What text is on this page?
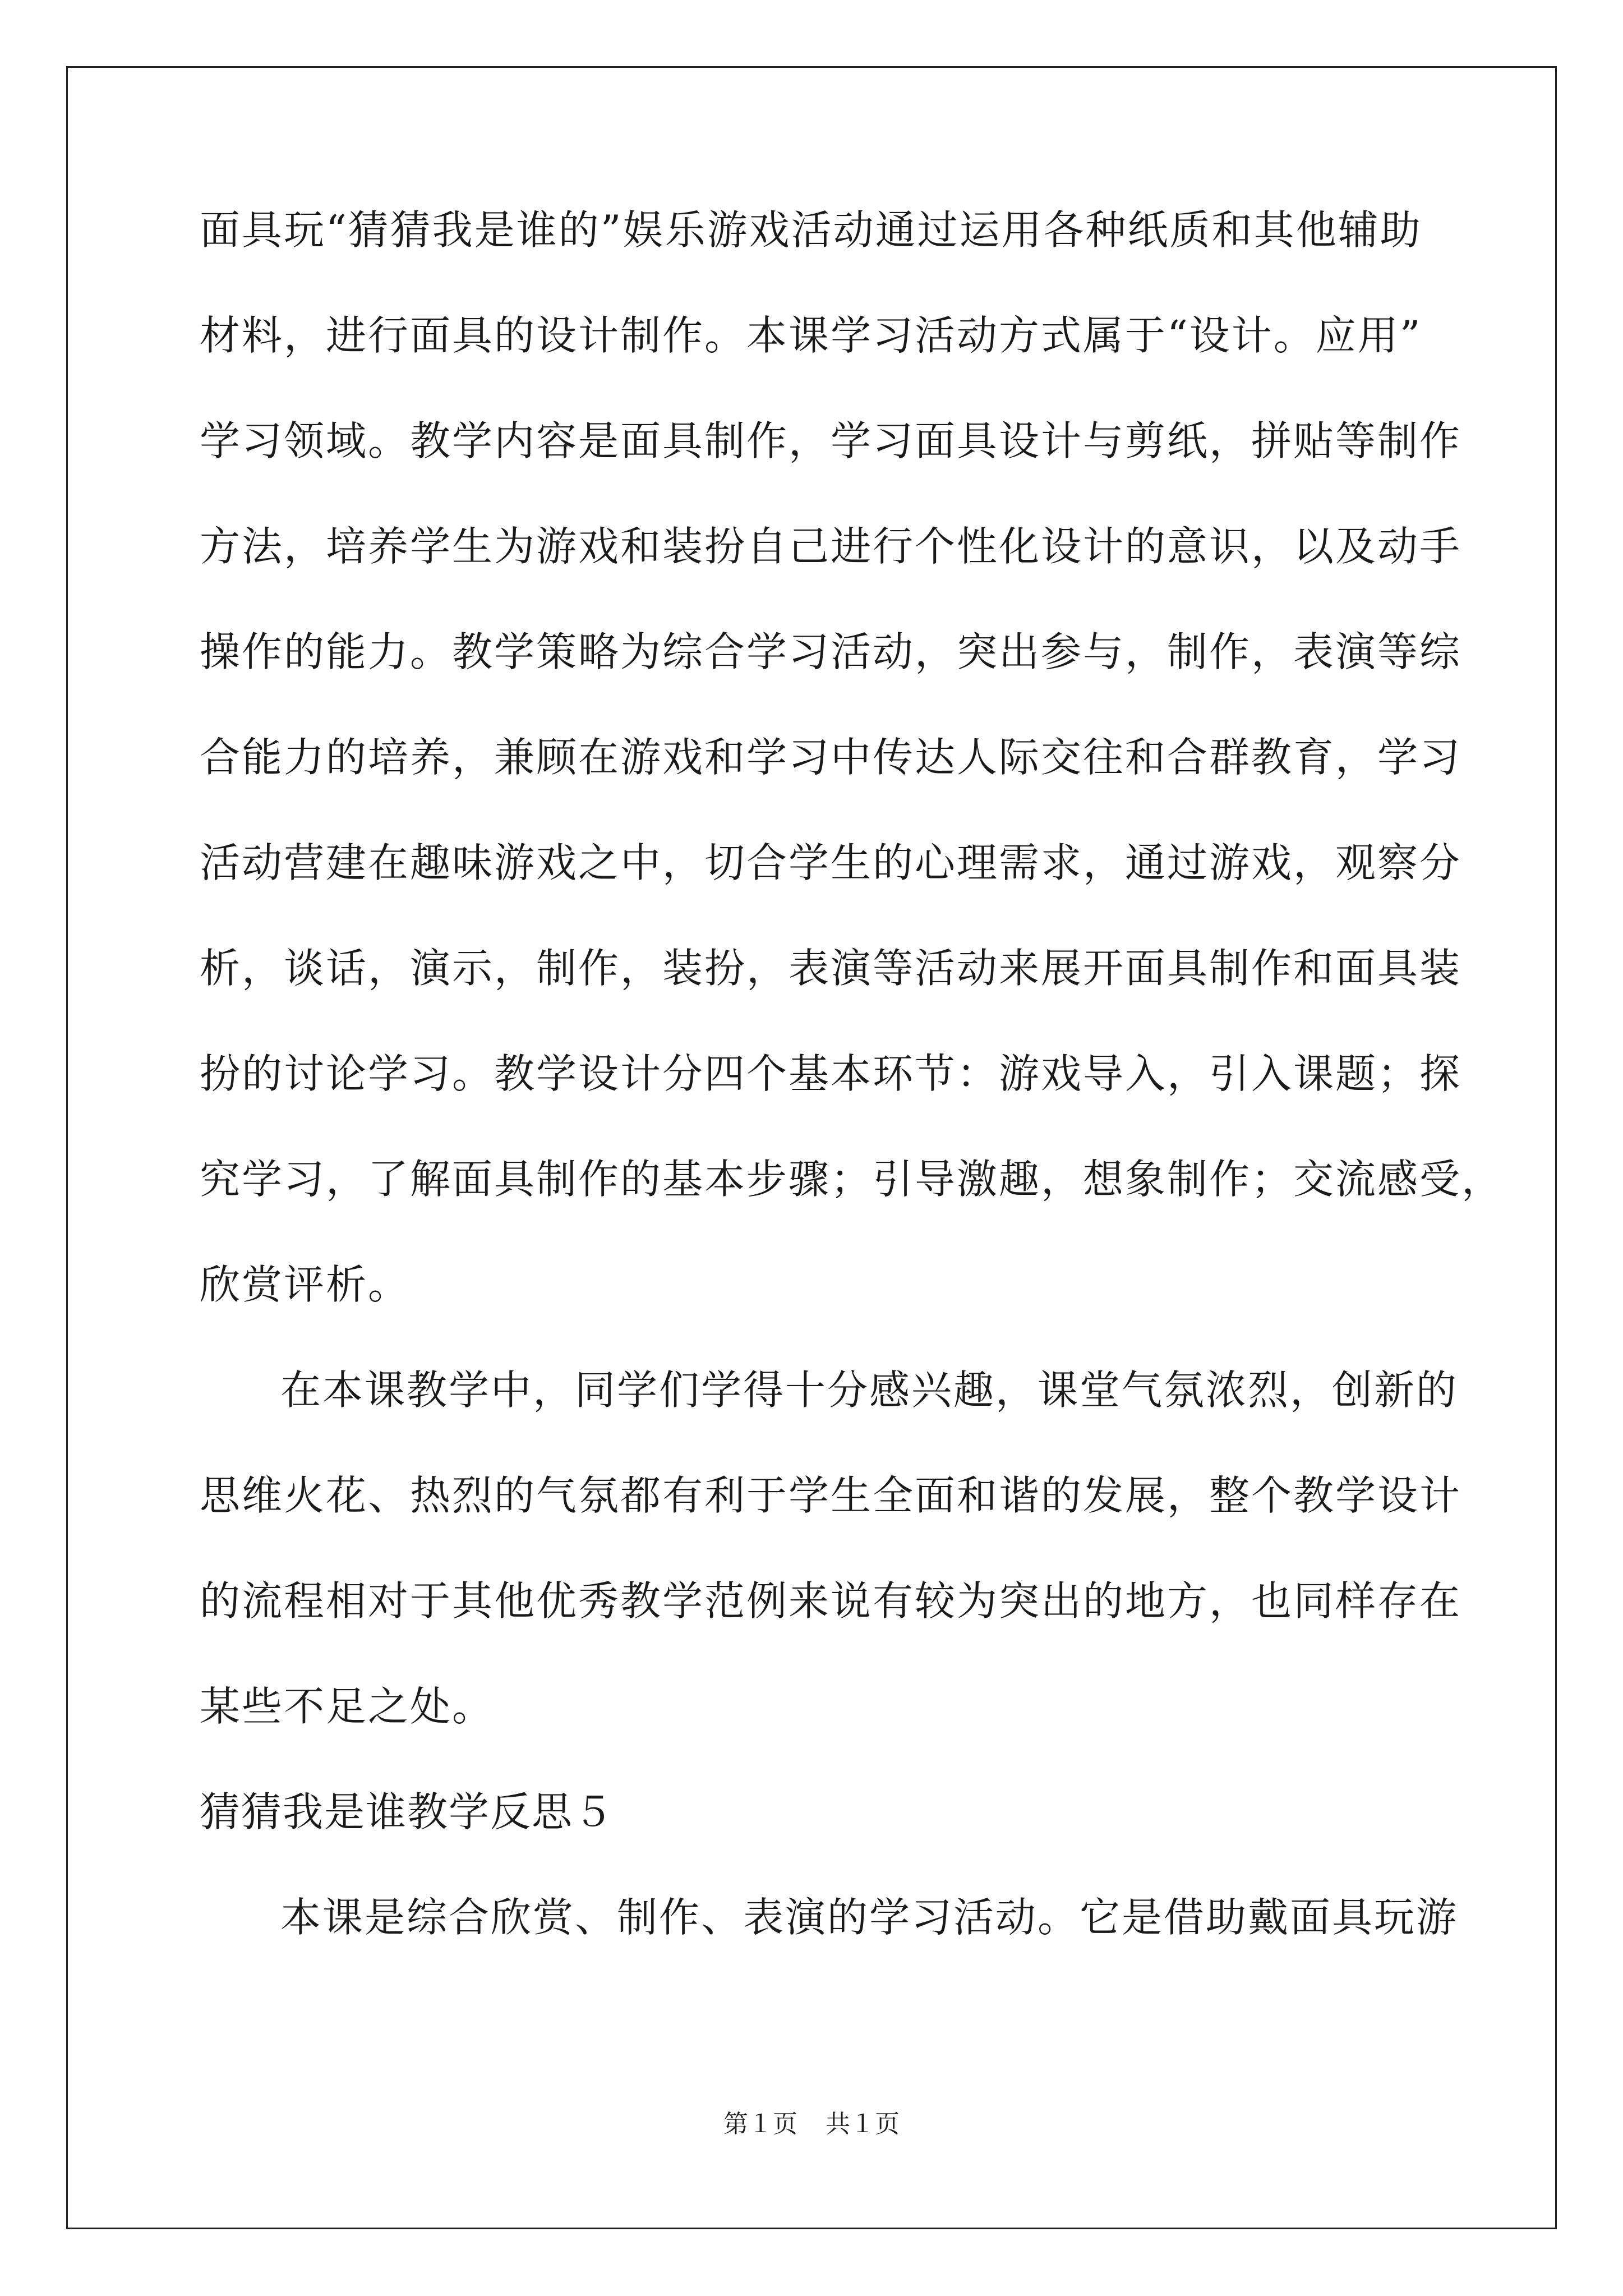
面具玩“猜猜我是谁的”娱乐游戏活动通过运用各种纸质和其他辅助
材料，进行面具的设计制作。本课学习活动方式属于“设计。应用”
学习领域。教学内容是面具制作，学习面具设计与剪纸，拼贴等制作
方法，培养学生为游戏和装扮自己进行个性化设计的意识，以及动手
操作的能力。教学策略为综合学习活动，突出参与，制作，表演等综
合能力的培养，兼顾在游戏和学习中传达人际交往和合群教育，学习
活动营建在趣味游戏之中，切合学生的心理需求，通过游戏，观察分
析，谈话，演示，制作，装扮，表演等活动来展开面具制作和面具装
扮的讨论学习。教学设计分四个基本环节：游戏导入，引入课题；探
究学习，了解面具制作的基本步骤；引导激趣，想象制作；交流感受，
欣赏评析。
在本课教学中，同学们学得十分感兴趣，课堂气氛浓烈，创新的
思维火花、热烈的气氛都有利于学生全面和谐的发展，整个教学设计
的流程相对于其他优秀教学范例来说有较为突出的地方，也同样存在
某些不足之处。
猜猜我是谁教学反思５
本课是综合欣赏、制作、表演的学习活动。它是借助戴面具玩游
第１页 共１页
